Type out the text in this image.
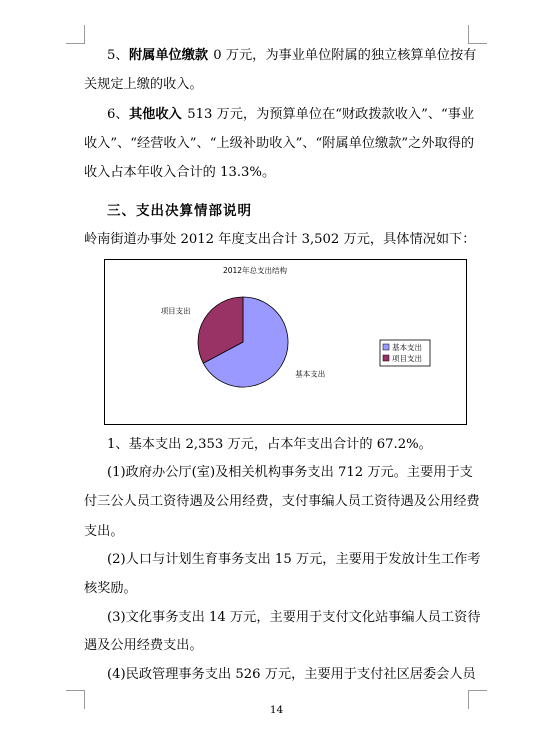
5、 附属单位缴款 0 万元，为事业单位附属的独立核算单位按有
关规定上缴的收入。
6、 其他收入 513 万元，为预算单位在“财政拨款收入”、“事业
收入”、“经营收入”、“上级补助收入”、“附属单位缴款”之外取得的
收入占本年收入合计的 13.3%。
三、支出决算情部说明
岭南街道办事处 2012 年度支出合计 3,502 万元，具体情况如下：
2012年总支出结构
基本支出
项目支出
基本支出
项目支出
1、基本支出 2,353 万元，占本年支出合计的 67.2%。
(1)政府办公厅(室)及相关机构事务支出 712 万元。主要用于支
付三公人员工资待遇及公用经费，支付事编人员工资待遇及公用经费
支出。
(2)人口与计划生育事务支出 15 万元，主要用于发放计生工作考
核奖励。
(3)文化事务支出 14 万元，主要用于支付文化站事编人员工资待
遇及公用经费支出。
(4)民政管理事务支出 526 万元，主要用于支付社区居委会人员
14
